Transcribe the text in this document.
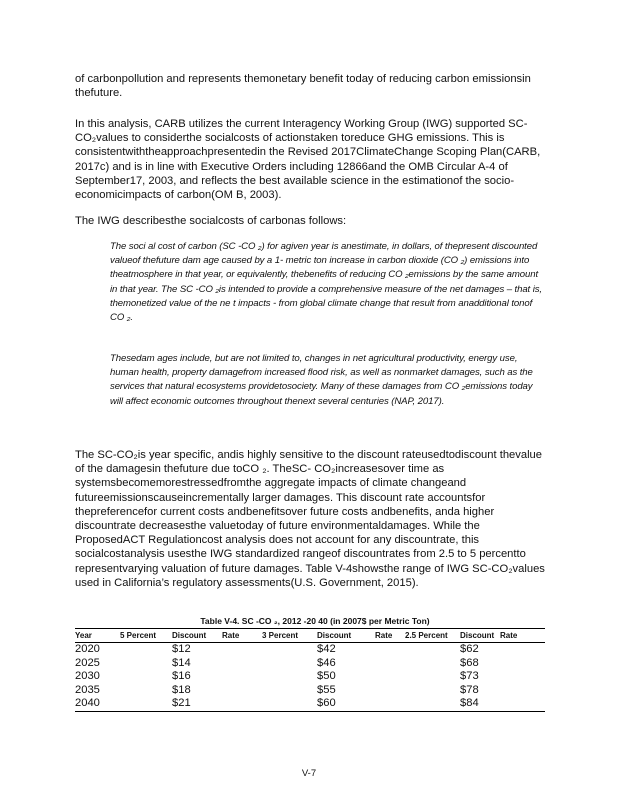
of carbonpollution and represents themonetary benefit today of reducing carbon emissionsin thefuture.

In this analysis, CARB utilizes the current Interagency Working Group (IWG) supported SC-CO₂values to considerthe socialcosts of actionstaken toreduce GHG emissions. This is consistentwiththeapproachpresentedin the Revised 2017ClimateChange Scoping Plan(CARB, 2017c) and is in line with Executive Orders including 12866and the OMB Circular A-4 of September17, 2003, and reflects the best available science in the estimationof the socio-economicimpacts of carbon(OM B, 2003).

The IWG describesthe socialcosts of carbonas follows:

The soci al cost of carbon (SC -CO ₂) for agiven year is anestimate, in dollars, of thepresent discounted valueof thefuture dam age caused by a 1- metric ton increase in carbon dioxide (CO ₂) emissions into theatmosphere in that year, or equivalently, thebenefits of reducing CO ₂emissions by the same amount in that year. The SC -CO ₂is intended to provide a comprehensive measure of the net damages – that is, themonetized value of the ne t impacts - from global climate change that result from anadditional tonof CO ₂.

Thesedam ages include, but are not limited to, changes in net agricultural productivity, energy use, human health, property damagefrom increased flood risk, as well as nonmarket damages, such as the services that natural ecosystems providetosociety. Many of these damages from CO ₂emissions today will affect economic outcomes throughout thenext several centuries (NAP, 2017).

The SC-CO₂is year specific, andis highly sensitive to the discount rateusedtodiscount thevalue of the damagesin thefuture due toCO ₂. TheSC- CO₂increasesover time as systemsbecomemorestressedfromthe aggregate impacts of climate changeand futureemissionscauseincrementally larger damages. This discount rate accountsfor thepreferencefor current costs andbenefitsover future costs andbenefits, anda higher discountrate decreasesthe valuetoday of future environmentaldamages. While the ProposedACT Regulationcost analysis does not account for any discountrate, this socialcostanalysis usesthe IWG standardized rangeof discountrates from 2.5 to 5 percentto representvarying valuation of future damages. Table V-4showsthe range of IWG SC-CO₂values used in California’s regulatory assessments(U.S. Government, 2015).

Table V-4. SC -CO ₂, 2012 -20 40 (in 2007$ per Metric Ton)
Year	5 Percent	Discount	Rate	3 Percent	Discount	Rate	2.5 Percent	Discount	Rate
2020		$12			$42			$62	
2025		$14			$46			$68	
2030		$16			$50			$73	
2035		$18			$55			$78	
2040		$21			$60			$84	
V-7
